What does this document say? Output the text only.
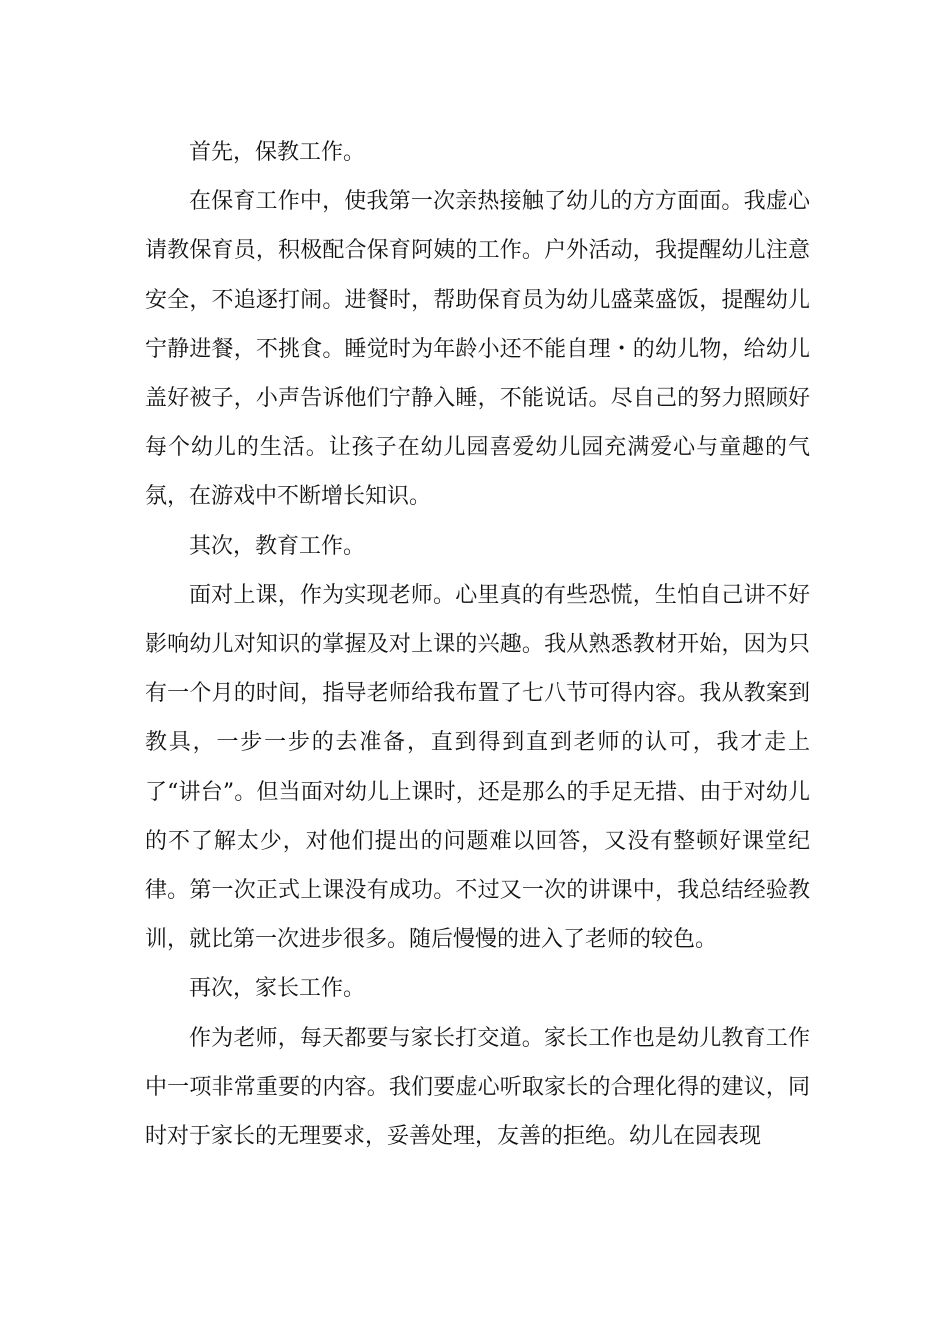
首先，保教工作。

在保育工作中，使我第一次亲热接触了幼儿的方方面面。我虚心请教保育员，积极配合保育阿姨的工作。户外活动，我提醒幼儿注意安全，不追逐打闹。进餐时，帮助保育员为幼儿盛菜盛饭，提醒幼儿宁静进餐，不挑食。睡觉时为年龄小还不能自理・的幼儿物，给幼儿盖好被子，小声告诉他们宁静入睡，不能说话。尽自己的努力照顾好每个幼儿的生活。让孩子在幼儿园喜爱幼儿园充满爱心与童趣的气氛，在游戏中不断增长知识。

其次，教育工作。

面对上课，作为实现老师。心里真的有些恐慌，生怕自己讲不好影响幼儿对知识的掌握及对上课的兴趣。我从熟悉教材开始，因为只有一个月的时间，指导老师给我布置了七八节可得内容。我从教案到教具，一步一步的去准备，直到得到直到老师的认可，我才走上了“讲台”。但当面对幼儿上课时，还是那么的手足无措、由于对幼儿的不了解太少，对他们提出的问题难以回答，又没有整顿好课堂纪律。第一次正式上课没有成功。不过又一次的讲课中，我总结经验教训，就比第一次进步很多。随后慢慢的进入了老师的较色。

再次，家长工作。

作为老师，每天都要与家长打交道。家长工作也是幼儿教育工作中一项非常重要的内容。我们要虚心听取家长的合理化得的建议，同时对于家长的无理要求，妥善处理，友善的拒绝。幼儿在园表现
